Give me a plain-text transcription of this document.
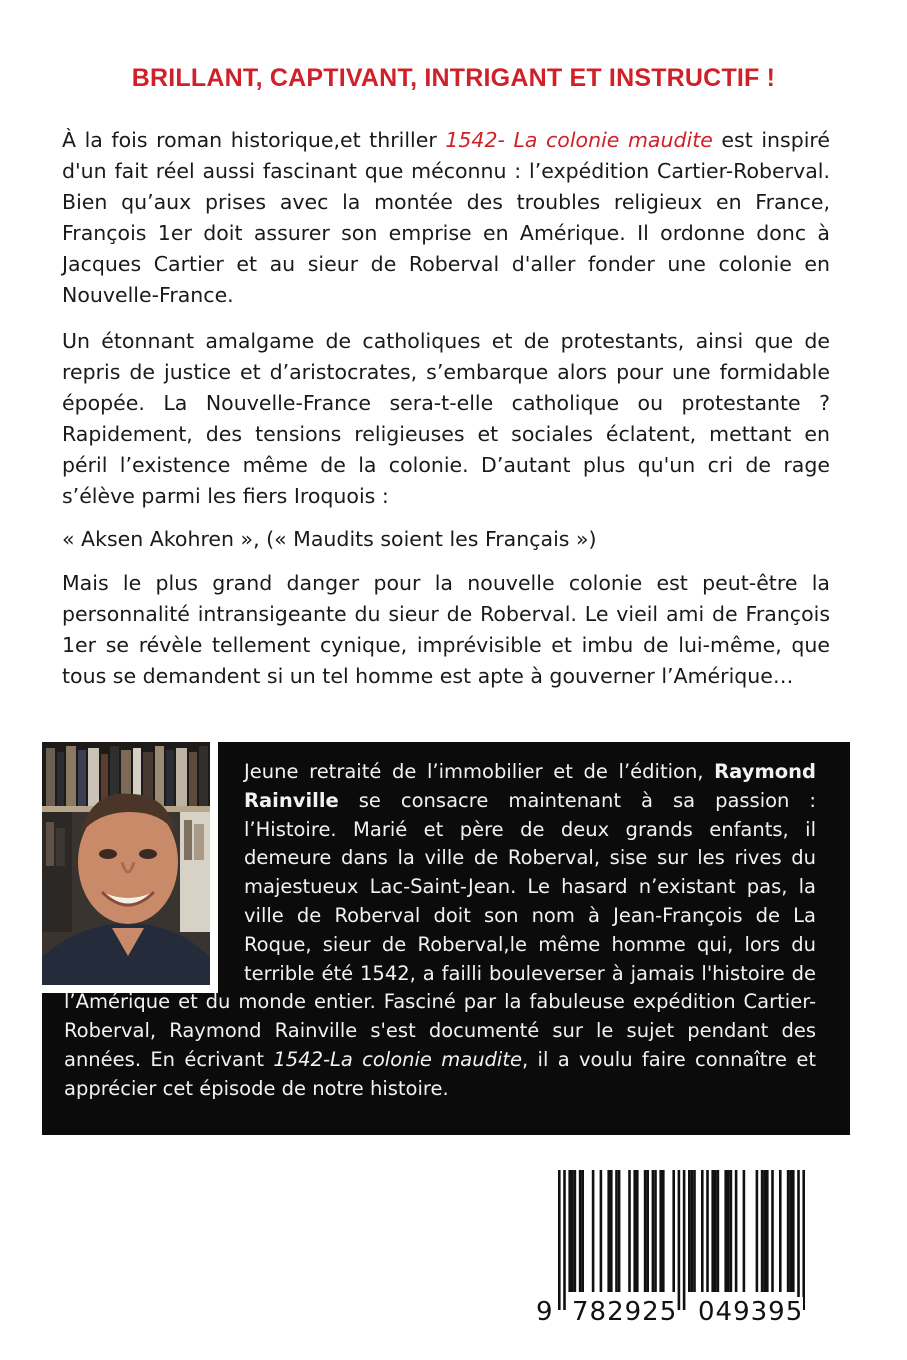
BRILLANT, CAPTIVANT, INTRIGANT ET INSTRUCTIF !

À la fois roman historique,et thriller 1542- La colonie maudite est inspiré d'un fait réel aussi fascinant que méconnu : l’expédition Cartier-Roberval. Bien qu’aux prises avec la montée des troubles religieux en France, François 1er doit assurer son emprise en Amérique. Il ordonne donc à Jacques Cartier et au sieur de Roberval d'aller fonder une colonie en Nouvelle-France.

Un étonnant amalgame de catholiques et de protestants, ainsi que de repris de justice et d’aristocrates, s’embarque alors pour une formidable épopée. La Nouvelle-France sera-t-elle catholique ou protestante ? Rapidement, des tensions religieuses et sociales éclatent, mettant en péril l’existence même de la colonie. D’autant plus qu'un cri de rage s’élève parmi les fiers Iroquois :

« Aksen Akohren », (« Maudits soient les Français »)

Mais le plus grand danger pour la nouvelle colonie est peut-être la personnalité intransigeante du sieur de Roberval. Le vieil ami de François 1er se révèle tellement cynique, imprévisible et imbu de lui-même, que tous se demandent si un tel homme est apte à gouverner l’Amérique…

Jeune retraité de l’immobilier et de l’édition, Raymond Rainville se consacre maintenant à sa passion : l’Histoire. Marié et père de deux grands enfants, il demeure dans la ville de Roberval, sise sur les rives du majestueux Lac-Saint-Jean. Le hasard n’existant pas, la ville de Roberval doit son nom à Jean-François de La Roque, sieur de Roberval,le même homme qui, lors du terrible été 1542, a failli bouleverser à jamais l'histoire de l’Amérique et du monde entier. Fasciné par la fabuleuse expédition Cartier-Roberval, Raymond Rainville s'est documenté sur le sujet pendant des années. En écrivant 1542-La colonie maudite, il a voulu faire connaître et apprécier cet épisode de notre histoire.
9 782925 049395
